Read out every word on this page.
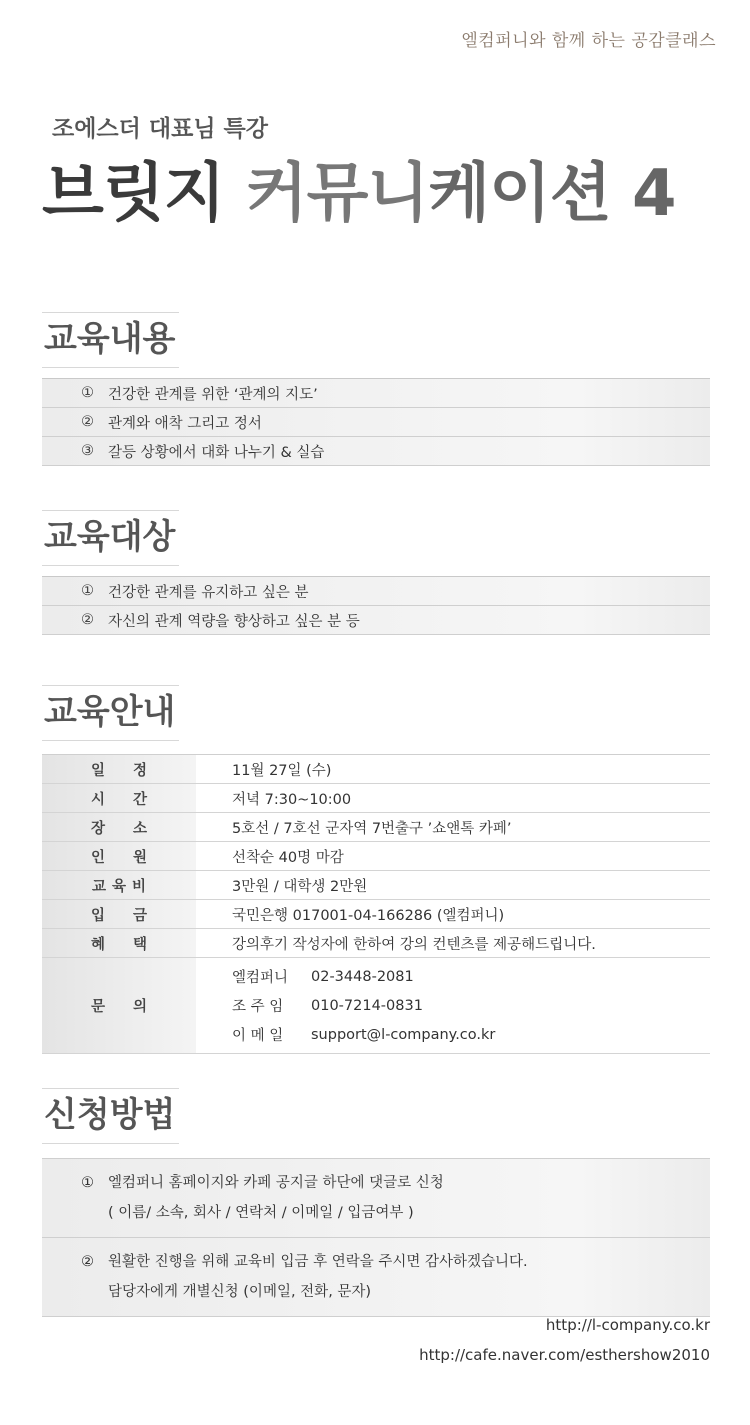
엘컴퍼니와 함께 하는 공감클래스
조에스더 대표님 특강
브릿지 커뮤니케이션 4
교육내용
① 건강한 관계를 위한 ‘관계의 지도’
② 관계와 애착 그리고 정서
③ 갈등 상황에서 대화 나누기 & 실습
교육대상
① 건강한 관계를 유지하고 싶은 분
② 자신의 관계 역량을 향상하고 싶은 분 등
교육안내
일정	11월 27일 (수)
시간	저녁 7:30~10:00
장소	5호선 / 7호선 군자역 7번출구 ’쇼앤톡 카페’
인원	선착순 40명 마감
교육비	3만원 / 대학생 2만원
입금	국민은행 017001-04-166286 (엘컴퍼니)
혜택	강의후기 작성자에 한하여 강의 컨텐츠를 제공해드립니다.
문의
엘컴퍼니	02-3448-2081
조 주 임	010-7214-0831
이 메 일	support@l-company.co.kr
신청방법
① 엘컴퍼니 홈페이지와 카페 공지글 하단에 댓글로 신청
( 이름/ 소속, 회사 / 연락처 / 이메일 / 입금여부 )
② 원활한 진행을 위해 교육비 입금 후 연락을 주시면 감사하겠습니다.
담당자에게 개별신청 (이메일, 전화, 문자)
http://l-company.co.kr
http://cafe.naver.com/esthershow2010
